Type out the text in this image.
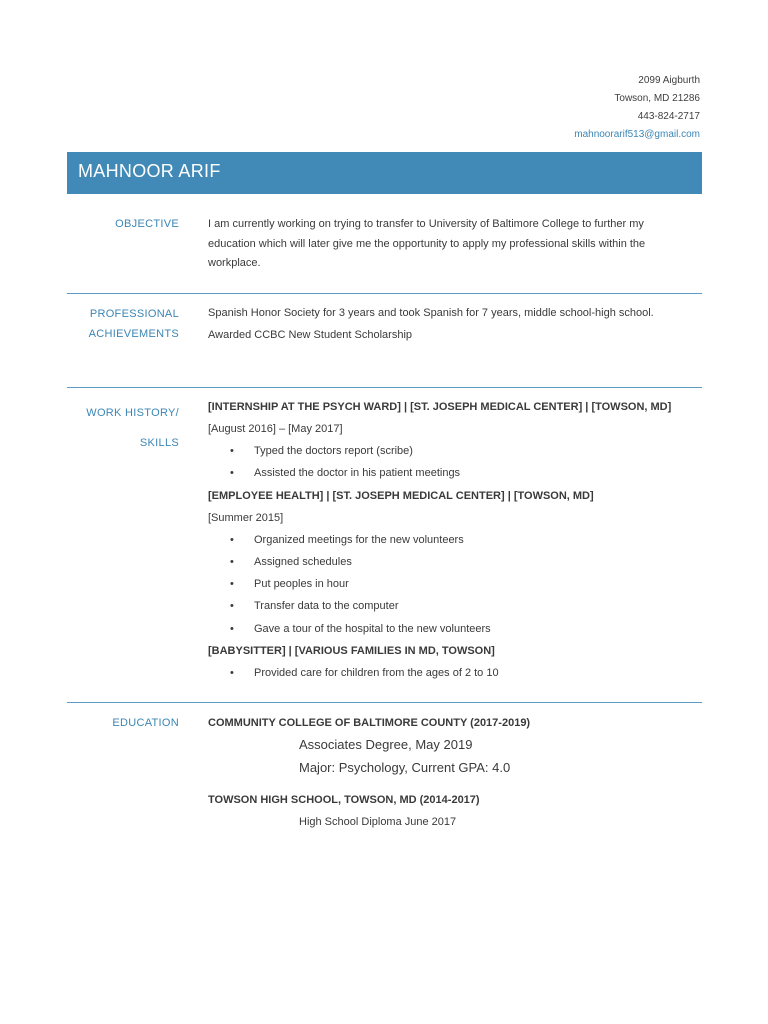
2099 Aigburth
Towson, MD 21286
443-824-2717
mahnoorarif513@gmail.com
MAHNOOR ARIF
OBJECTIVE	I am currently working on trying to transfer to University of Baltimore College to further my
education which will later give me the opportunity to apply my professional skills within the
workplace.
PROFESSIONAL
ACHIEVEMENTS
Spanish Honor Society for 3 years and took Spanish for 7 years, middle school-high school.
Awarded CCBC New Student Scholarship
WORK HISTORY/
SKILLS
[INTERNSHIP AT THE PSYCH WARD] | [ST. JOSEPH MEDICAL CENTER] | [TOWSON, MD]
[August 2016] – [May 2017]
• Typed the doctors report (scribe)
• Assisted the doctor in his patient meetings
[EMPLOYEE HEALTH] | [ST. JOSEPH MEDICAL CENTER] | [TOWSON, MD]
[Summer 2015]
• Organized meetings for the new volunteers
• Assigned schedules
• Put peoples in hour
• Transfer data to the computer
• Gave a tour of the hospital to the new volunteers
[BABYSITTER] | [VARIOUS FAMILIES IN MD, TOWSON]
• Provided care for children from the ages of 2 to 10
EDUCATION	COMMUNITY COLLEGE OF BALTIMORE COUNTY (2017-2019)
Associates Degree, May 2019
Major: Psychology, Current GPA: 4.0
TOWSON HIGH SCHOOL, TOWSON, MD (2014-2017)
High School Diploma June 2017
